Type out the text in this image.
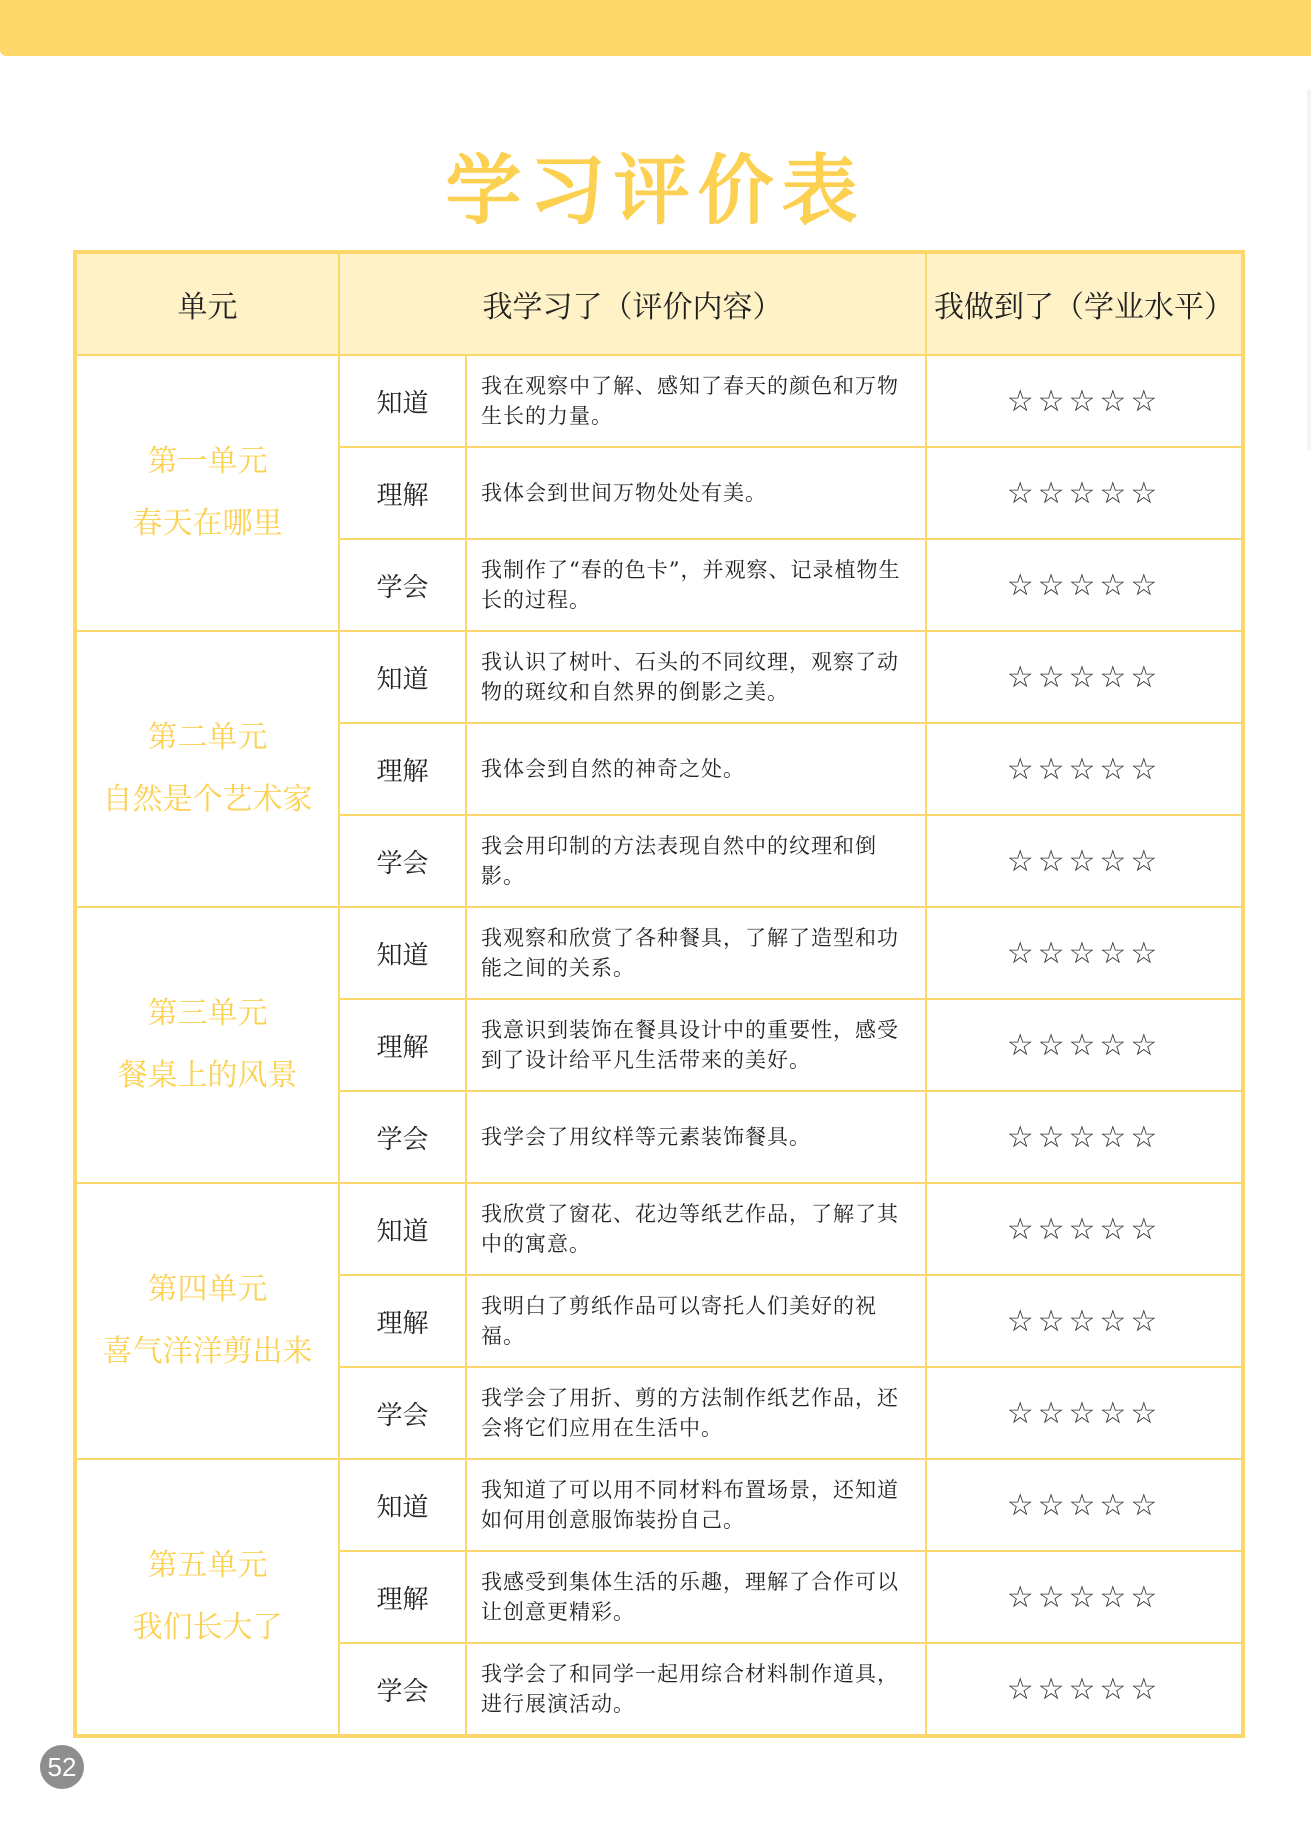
学习评价表
单元	我学习了（评价内容）		我做到了（学业水平）

第一单元
春天在哪里	知道	我在观察中了解、感知了春天的颜色和万物生长的力量。	☆☆☆☆☆
	理解	我体会到世间万物处处有美。	☆☆☆☆☆
	学会	我制作了“春的色卡”，并观察、记录植物生长的过程。	☆☆☆☆☆

第二单元
自然是个艺术家	知道	我认识了树叶、石头的不同纹理，观察了动物的斑纹和自然界的倒影之美。	☆☆☆☆☆
	理解	我体会到自然的神奇之处。	☆☆☆☆☆
	学会	我会用印制的方法表现自然中的纹理和倒影。	☆☆☆☆☆

第三单元
餐桌上的风景	知道	我观察和欣赏了各种餐具，了解了造型和功能之间的关系。	☆☆☆☆☆
	理解	我意识到装饰在餐具设计中的重要性，感受到了设计给平凡生活带来的美好。	☆☆☆☆☆
	学会	我学会了用纹样等元素装饰餐具。	☆☆☆☆☆

第四单元
喜气洋洋剪出来	知道	我欣赏了窗花、花边等纸艺作品，了解了其中的寓意。	☆☆☆☆☆
	理解	我明白了剪纸作品可以寄托人们美好的祝福。	☆☆☆☆☆
	学会	我学会了用折、剪的方法制作纸艺作品，还会将它们应用在生活中。	☆☆☆☆☆

第五单元
我们长大了	知道	我知道了可以用不同材料布置场景，还知道如何用创意服饰装扮自己。	☆☆☆☆☆
	理解	我感受到集体生活的乐趣，理解了合作可以让创意更精彩。	☆☆☆☆☆
	学会	我学会了和同学一起用综合材料制作道具，进行展演活动。	☆☆☆☆☆
52
